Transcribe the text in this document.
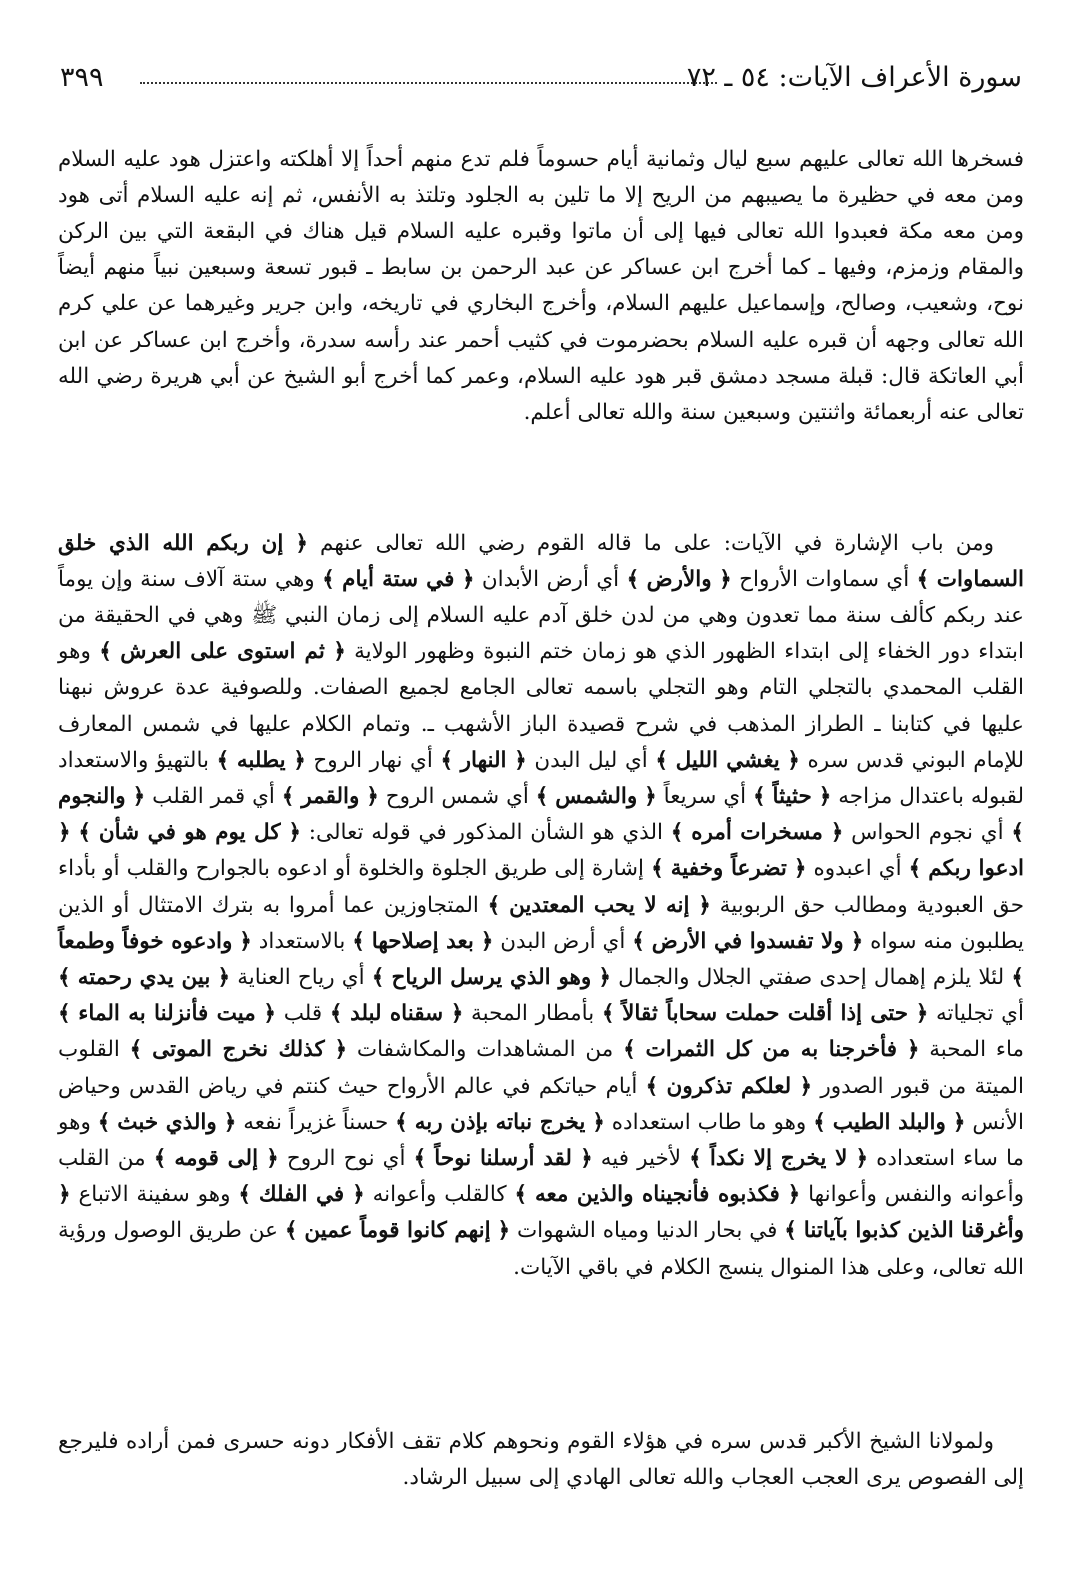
سورة الأعراف الآيات: ٥٤ ـ ٧٢
٣٩٩

فسخرها الله تعالى عليهم سبع ليال وثمانية أيام حسوماً فلم تدع منهم أحداً إلا أهلكته واعتزل هود عليه السلام ومن معه في حظيرة ما يصيبهم من الريح إلا ما تلين به الجلود وتلتذ به الأنفس، ثم إنه عليه السلام أتى هود ومن معه مكة فعبدوا الله تعالى فيها إلى أن ماتوا وقبره عليه السلام قيل هناك في البقعة التي بين الركن والمقام وزمزم، وفيها ـ كما أخرج ابن عساكر عن عبد الرحمن بن سابط ـ قبور تسعة وسبعين نبياً منهم أيضاً نوح، وشعيب، وصالح، وإسماعيل عليهم السلام، وأخرج البخاري في تاريخه، وابن جرير وغيرهما عن علي كرم الله تعالى وجهه أن قبره عليه السلام بحضرموت في كثيب أحمر عند رأسه سدرة، وأخرج ابن عساكر عن ابن أبي العاتكة قال: قبلة مسجد دمشق قبر هود عليه السلام، وعمر كما أخرج أبو الشيخ عن أبي هريرة رضي الله تعالى عنه أربعمائة واثنتين وسبعين سنة والله تعالى أعلم.

ومن باب الإشارة في الآيات: على ما قاله القوم رضي الله تعالى عنهم ﴿ إن ربكم الله الذي خلق السماوات ﴾ أي سماوات الأرواح ﴿ والأرض ﴾ أي أرض الأبدان ﴿ في ستة أيام ﴾ وهي ستة آلاف سنة وإن يوماً عند ربكم كألف سنة مما تعدون وهي من لدن خلق آدم عليه السلام إلى زمان النبي ﷺ وهي في الحقيقة من ابتداء دور الخفاء إلى ابتداء الظهور الذي هو زمان ختم النبوة وظهور الولاية ﴿ ثم استوى على العرش ﴾ وهو القلب المحمدي بالتجلي التام وهو التجلي باسمه تعالى الجامع لجميع الصفات. وللصوفية عدة عروش نبهنا عليها في كتابنا ـ الطراز المذهب في شرح قصيدة الباز الأشهب ـ. وتمام الكلام عليها في شمس المعارف للإمام البوني قدس سره ﴿ يغشي الليل ﴾ أي ليل البدن ﴿ النهار ﴾ أي نهار الروح ﴿ يطلبه ﴾ بالتهيؤ والاستعداد لقبوله باعتدال مزاجه ﴿ حثيثاً ﴾ أي سريعاً ﴿ والشمس ﴾ أي شمس الروح ﴿ والقمر ﴾ أي قمر القلب ﴿ والنجوم ﴾ أي نجوم الحواس ﴿ مسخرات أمره ﴾ الذي هو الشأن المذكور في قوله تعالى: ﴿ كل يوم هو في شأن ﴾ ﴿ ادعوا ربكم ﴾ أي اعبدوه ﴿ تضرعاً وخفية ﴾ إشارة إلى طريق الجلوة والخلوة أو ادعوه بالجوارح والقلب أو بأداء حق العبودية ومطالب حق الربوبية ﴿ إنه لا يحب المعتدين ﴾ المتجاوزين عما أمروا به بترك الامتثال أو الذين يطلبون منه سواه ﴿ ولا تفسدوا في الأرض ﴾ أي أرض البدن ﴿ بعد إصلاحها ﴾ بالاستعداد ﴿ وادعوه خوفاً وطمعاً ﴾ لئلا يلزم إهمال إحدى صفتي الجلال والجمال ﴿ وهو الذي يرسل الرياح ﴾ أي رياح العناية ﴿ بين يدي رحمته ﴾ أي تجلياته ﴿ حتى إذا أقلت حملت سحاباً ثقالاً ﴾ بأمطار المحبة ﴿ سقناه لبلد ﴾ قلب ﴿ ميت فأنزلنا به الماء ﴾ ماء المحبة ﴿ فأخرجنا به من كل الثمرات ﴾ من المشاهدات والمكاشفات ﴿ كذلك نخرج الموتى ﴾ القلوب الميتة من قبور الصدور ﴿ لعلكم تذكرون ﴾ أيام حياتكم في عالم الأرواح حيث كنتم في رياض القدس وحياض الأنس ﴿ والبلد الطيب ﴾ وهو ما طاب استعداده ﴿ يخرج نباته بإذن ربه ﴾ حسناً غزيراً نفعه ﴿ والذي خبث ﴾ وهو ما ساء استعداده ﴿ لا يخرج إلا نكداً ﴾ لأخير فيه ﴿ لقد أرسلنا نوحاً ﴾ أي نوح الروح ﴿ إلى قومه ﴾ من القلب وأعوانه والنفس وأعوانها ﴿ فكذبوه فأنجيناه والذين معه ﴾ كالقلب وأعوانه ﴿ في الفلك ﴾ وهو سفينة الاتباع ﴿ وأغرقنا الذين كذبوا بآياتنا ﴾ في بحار الدنيا ومياه الشهوات ﴿ إنهم كانوا قوماً عمين ﴾ عن طريق الوصول ورؤية الله تعالى، وعلى هذا المنوال ينسج الكلام في باقي الآيات.

ولمولانا الشيخ الأكبر قدس سره في هؤلاء القوم ونحوهم كلام تقف الأفكار دونه حسرى فمن أراده فليرجع إلى الفصوص يرى العجب العجاب والله تعالى الهادي إلى سبيل الرشاد.
